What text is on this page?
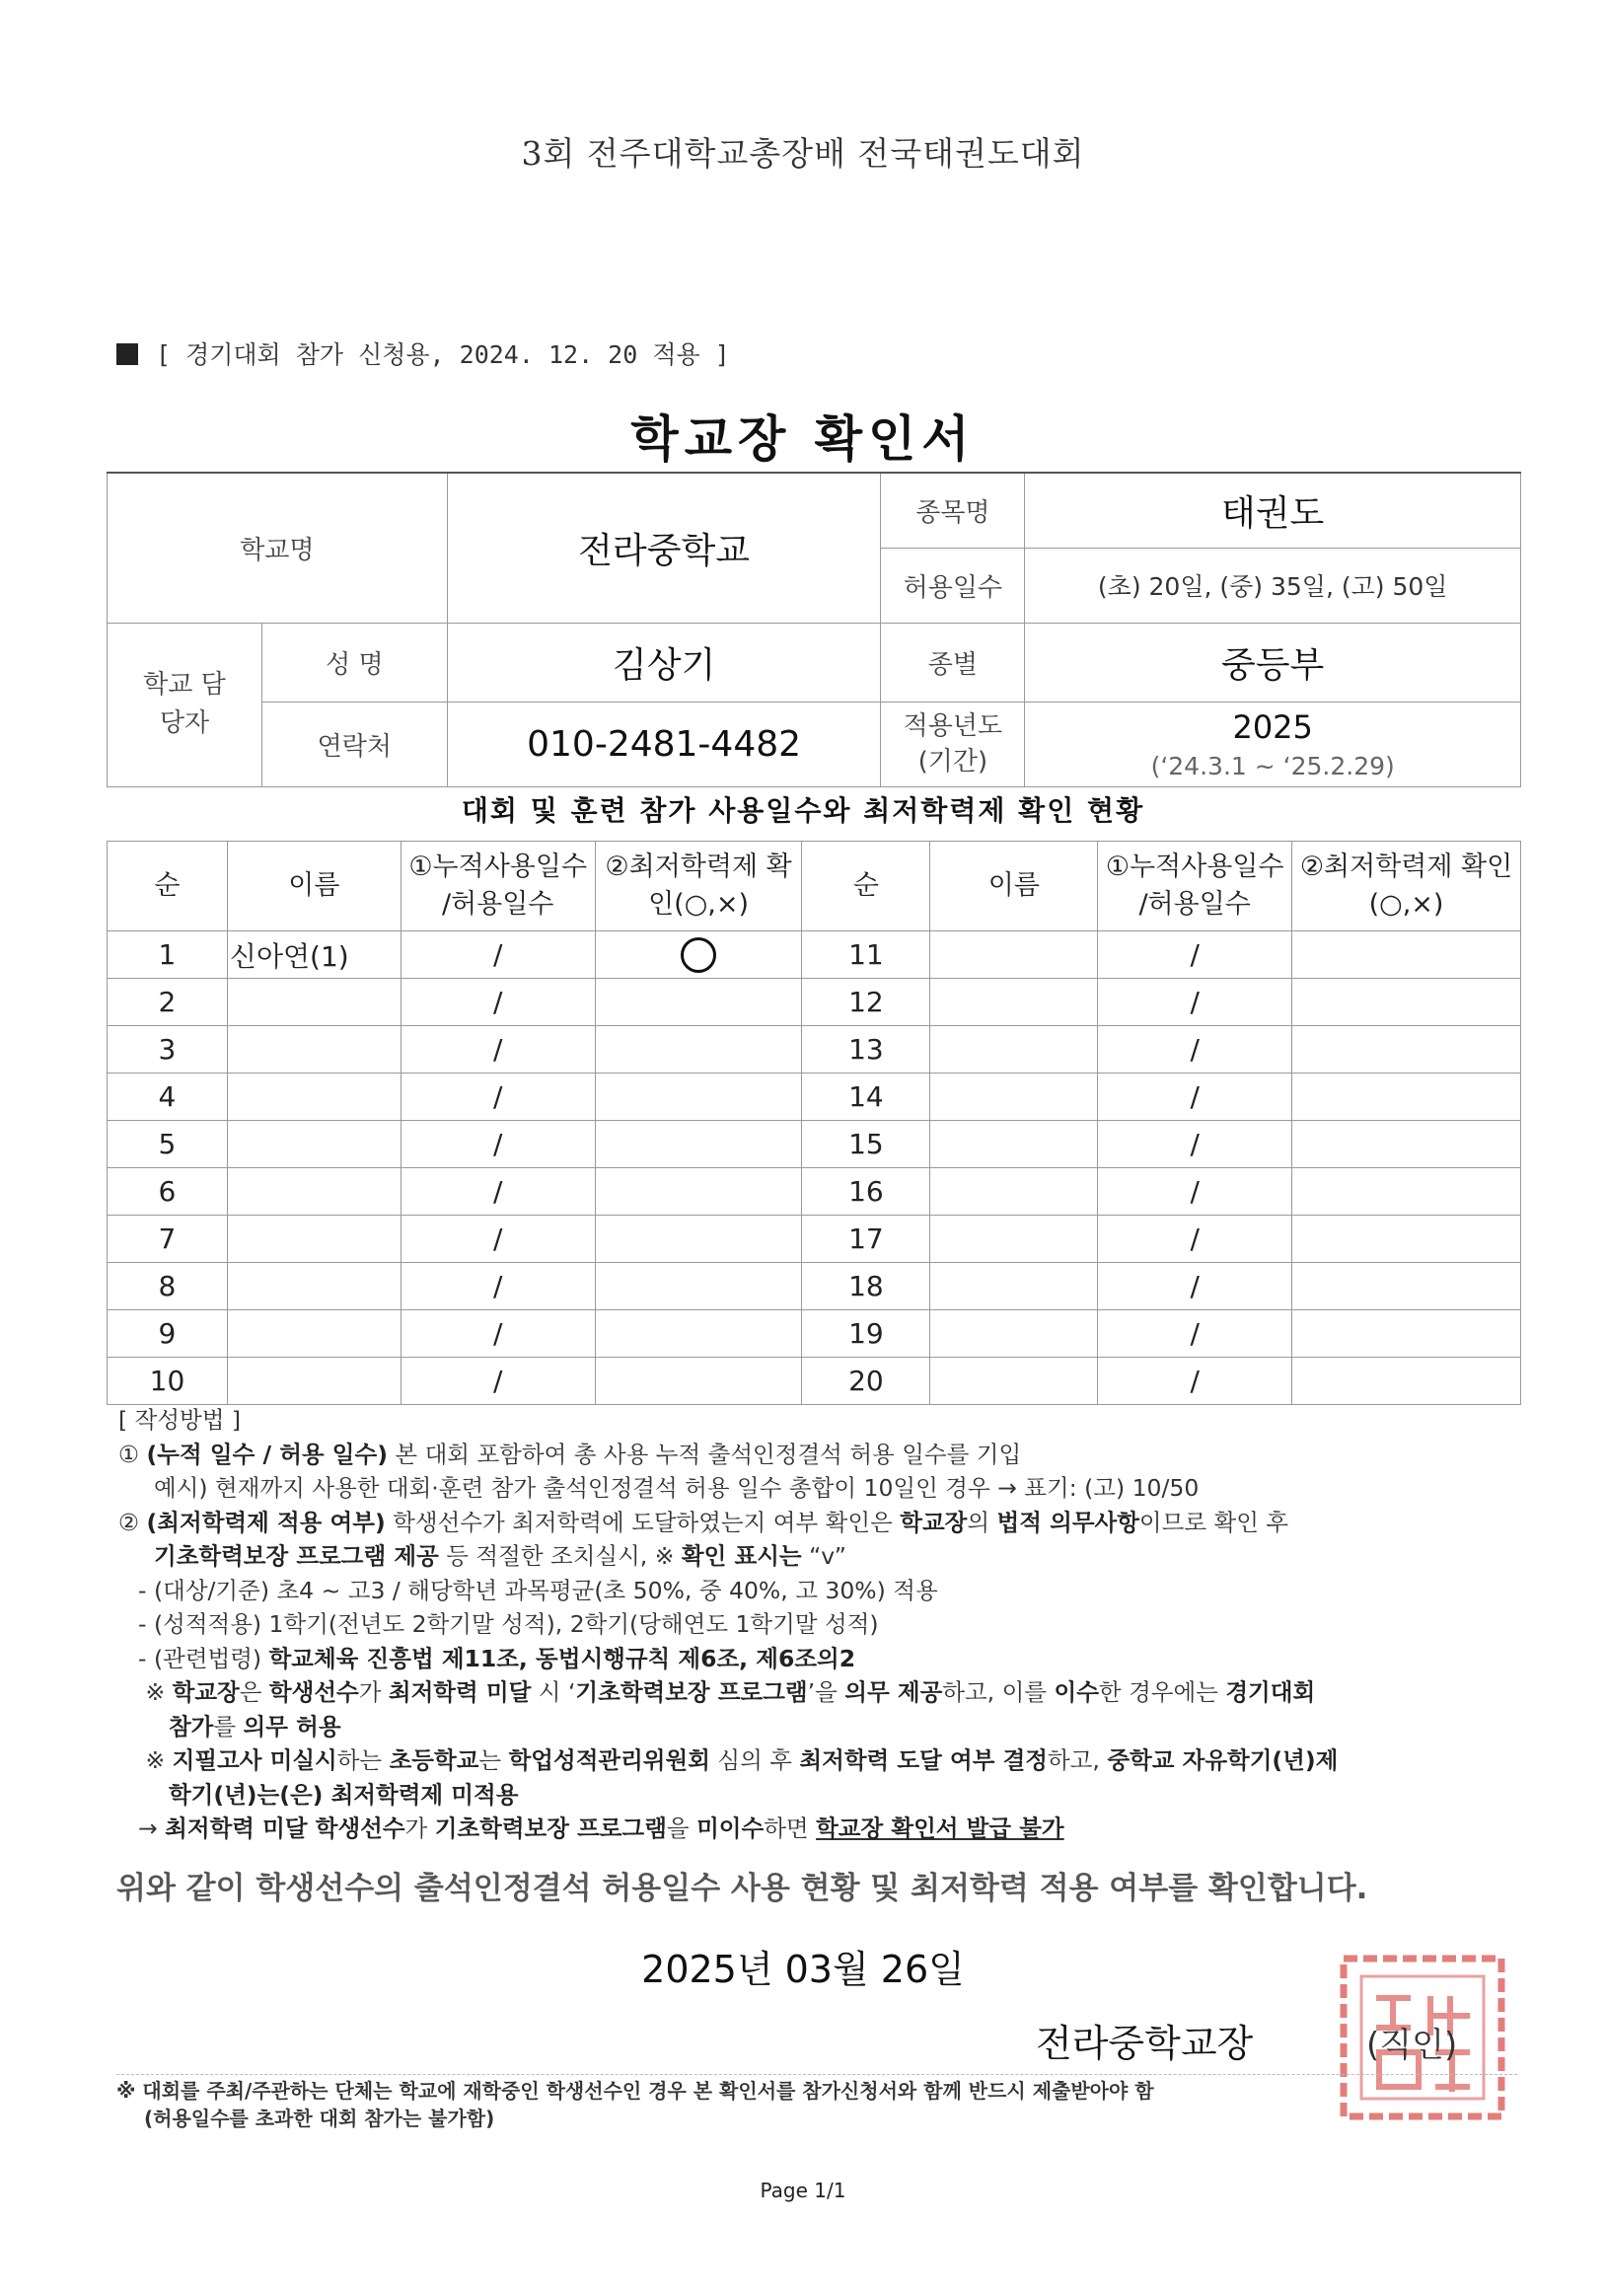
3회 전주대학교총장배 전국태권도대회
[ 경기대회 참가 신청용, 2024. 12. 20 적용 ]
학교장 확인서
학교명		전라중학교	종목명	태권도
			허용일수	(초) 20일, (중) 35일, (고) 50일
학교 담당자	성 명	김상기	종별	중등부
	연락처	010-2481-4482	적용년도 (기간)	2025
(‘24.3.1 ~ ‘25.2.29)
대회 및 훈련 참가 사용일수와 최저학력제 확인 현황
순	이름	①누적사용일수 /허용일수	②최저학력제 확인(○,×)	순	이름	①누적사용일수 /허용일수	②최저학력제 확인(○,×)
1	신아연(1)	/		11		/	
2		/		12		/	
3		/		13		/	
4		/		14		/	
5		/		15		/	
6		/		16		/	
7		/		17		/	
8		/		18		/	
9		/		19		/	
10		/		20		/	

[ 작성방법 ]

① (누적 일수 / 허용 일수) 본 대회 포함하여 총 사용 누적 출석인정결석 허용 일수를 기입

예시) 현재까지 사용한 대회·훈련 참가 출석인정결석 허용 일수 총합이 10일인 경우 → 표기: (고) 10/50

② (최저학력제 적용 여부) 학생선수가 최저학력에 도달하였는지 여부 확인은 학교장의 법적 의무사항이므로 확인 후

기초학력보장 프로그램 제공 등 적절한 조치실시, ※ 확인 표시는 “v”

- (대상/기준) 초4 ~ 고3 / 해당학년 과목평균(초 50%, 중 40%, 고 30%) 적용

- (성적적용) 1학기(전년도 2학기말 성적), 2학기(당해연도 1학기말 성적)

- (관련법령) 학교체육 진흥법 제11조, 동법시행규칙 제6조, 제6조의2

※ 학교장은 학생선수가 최저학력 미달 시 ‘기초학력보장 프로그램’을 의무 제공하고, 이를 이수한 경우에는 경기대회

참가를 의무 허용

※ 지필고사 미실시하는 초등학교는 학업성적관리위원회 심의 후 최저학력 도달 여부 결정하고, 중학교 자유학기(년)제

학기(년)는(은) 최저학력제 미적용

→ 최저학력 미달 학생선수가 기초학력보장 프로그램을 미이수하면 학교장 확인서 발급 불가

위와 같이 학생선수의 출석인정결석 허용일수 사용 현황 및 최저학력 적용 여부를 확인합니다.
2025년 03월 26일
전라중학교장	(직인)
※ 대회를 주최/주관하는 단체는 학교에 재학중인 학생선수인 경우 본 확인서를 참가신청서와 함께 반드시 제출받아야 함
(허용일수를 초과한 대회 참가는 불가함)
Page 1/1
